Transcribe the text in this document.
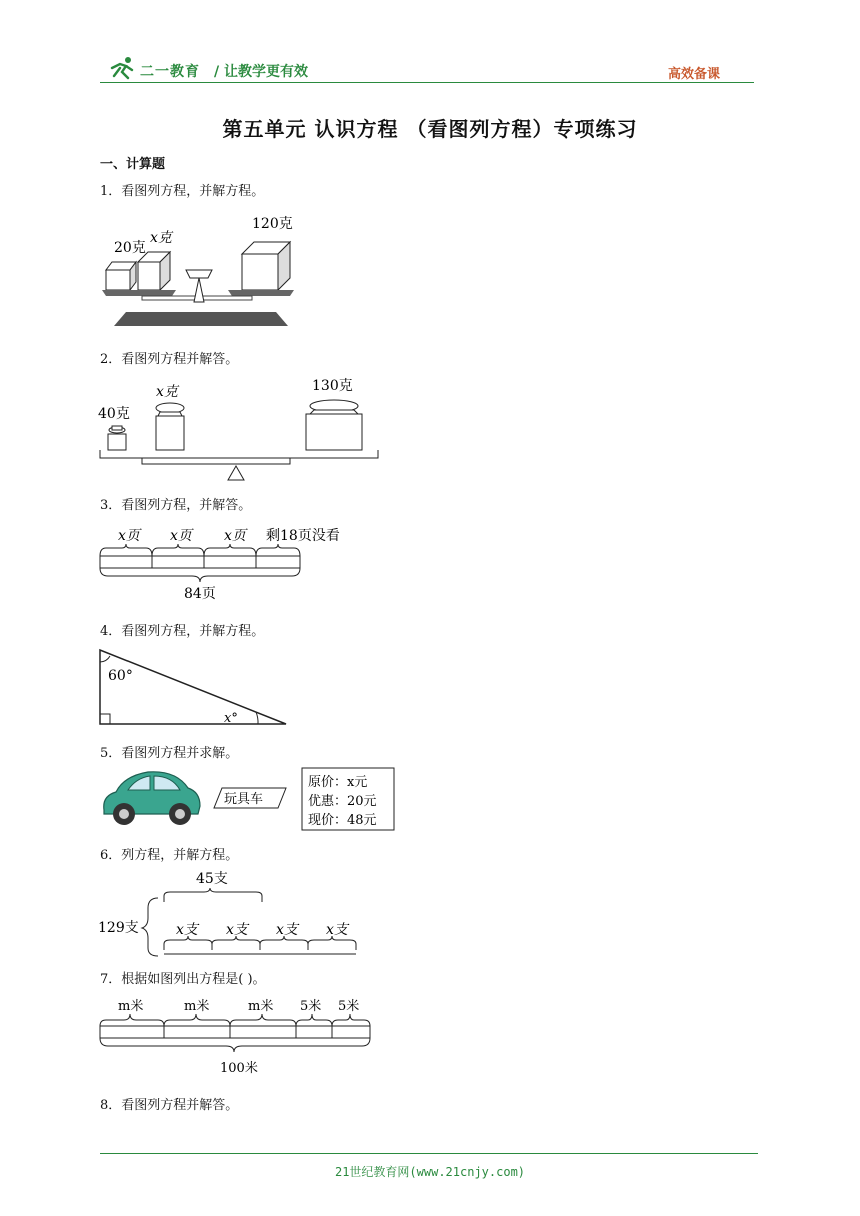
二一教育 / 让教学更有效	高效备课
第五单元 认识方程 （看图列方程）专项练习
一、计算题
1．看图列方程，并解方程。
20克
x克
120克
2．看图列方程并解答。
40克
x克	130克
3．看图列方程，并解答。
x页 x页 x页 剩18页没看
84页
4．看图列方程，并解方程。
60°
x°
5．看图列方程并求解。
玩具车
原价：x元
优惠：20元
现价：48元
6．列方程，并解方程。
45支
129支	x支 x支 x支 x支
7．根据如图列出方程是( )。
m米	m米	m米 5米 5米
100米
8．看图列方程并解答。
21世纪教育网(www.21cnjy.com)
